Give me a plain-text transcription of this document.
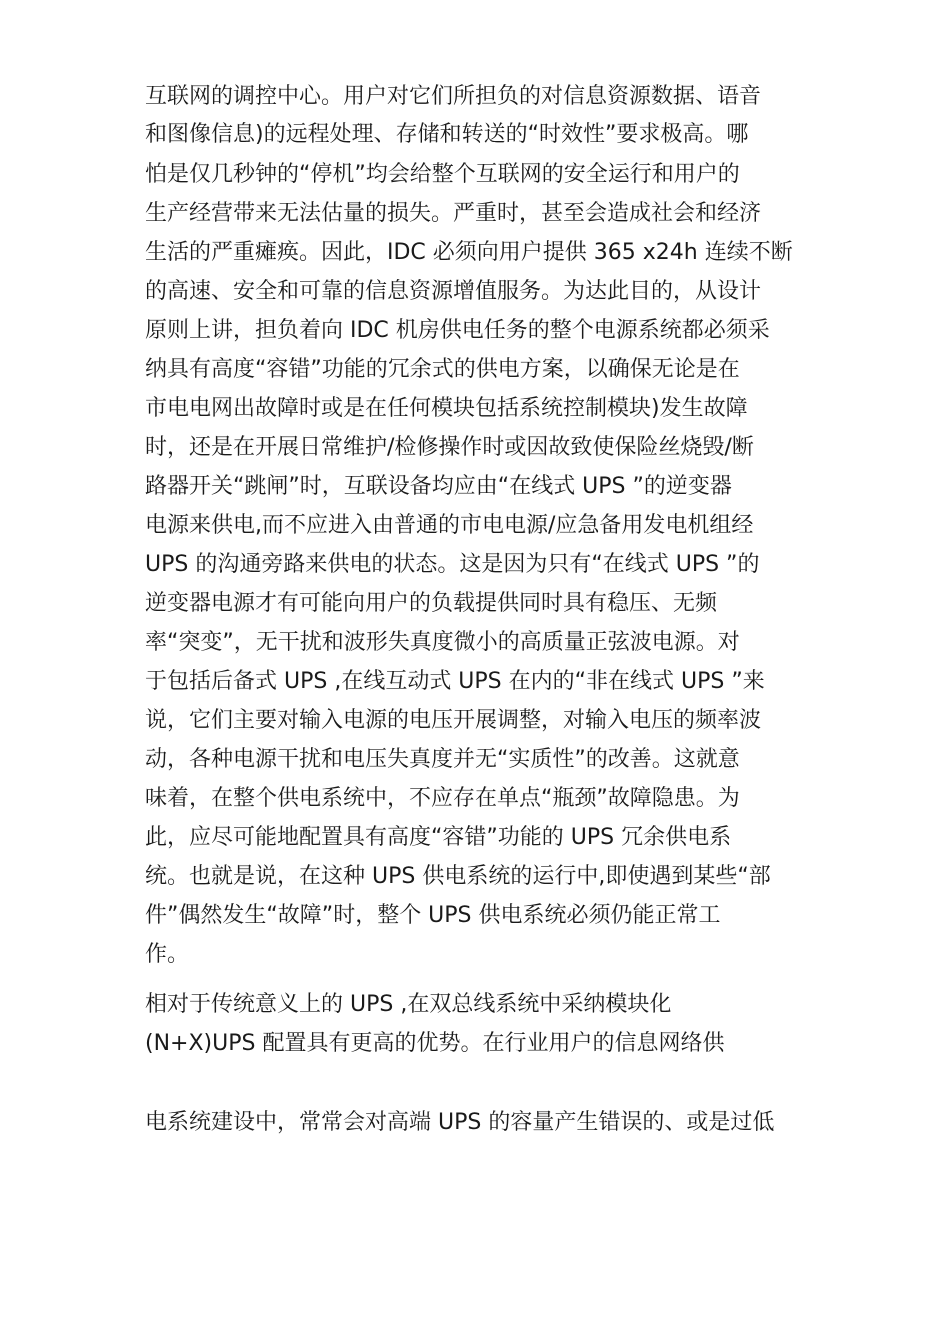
互联网的调控中心。用户对它们所担负的对信息资源数据、语音

和图像信息)的远程处理、存储和转送的“时效性”要求极高。哪

怕是仅几秒钟的“停机”均会给整个互联网的安全运行和用户的

生产经营带来无法估量的损失。严重时，甚至会造成社会和经济

生活的严重瘫痪。因此，IDC 必须向用户提供 365 x24h 连续不断

的高速、安全和可靠的信息资源增值服务。为达此目的，从设计

原则上讲，担负着向 IDC 机房供电任务的整个电源系统都必须采

纳具有高度“容错”功能的冗余式的供电方案，以确保无论是在

市电电网出故障时或是在任何模块包括系统控制模块)发生故障

时，还是在开展日常维护/检修操作时或因故致使保险丝烧毁/断

路器开关“跳闸”时，互联设备均应由“在线式 UPS ”的逆变器

电源来供电,而不应进入由普通的市电电源/应急备用发电机组经

UPS 的沟通旁路来供电的状态。这是因为只有“在线式 UPS ”的

逆变器电源才有可能向用户的负载提供同时具有稳压、无频

率“突变”，无干扰和波形失真度微小的高质量正弦波电源。对

于包括后备式 UPS ,在线互动式 UPS 在内的“非在线式 UPS ”来

说，它们主要对输入电源的电压开展调整，对输入电压的频率波

动，各种电源干扰和电压失真度并无“实质性”的改善。这就意

味着，在整个供电系统中，不应存在单点“瓶颈”故障隐患。为

此，应尽可能地配置具有高度“容错”功能的 UPS 冗余供电系

统。也就是说，在这种 UPS 供电系统的运行中,即使遇到某些“部

件”偶然发生“故障”时，整个 UPS 供电系统必须仍能正常工

作。

相对于传统意义上的 UPS ,在双总线系统中采纳模块化

(N+X)UPS 配置具有更高的优势。在行业用户的信息网络供

电系统建设中，常常会对高端 UPS 的容量产生错误的、或是过低
